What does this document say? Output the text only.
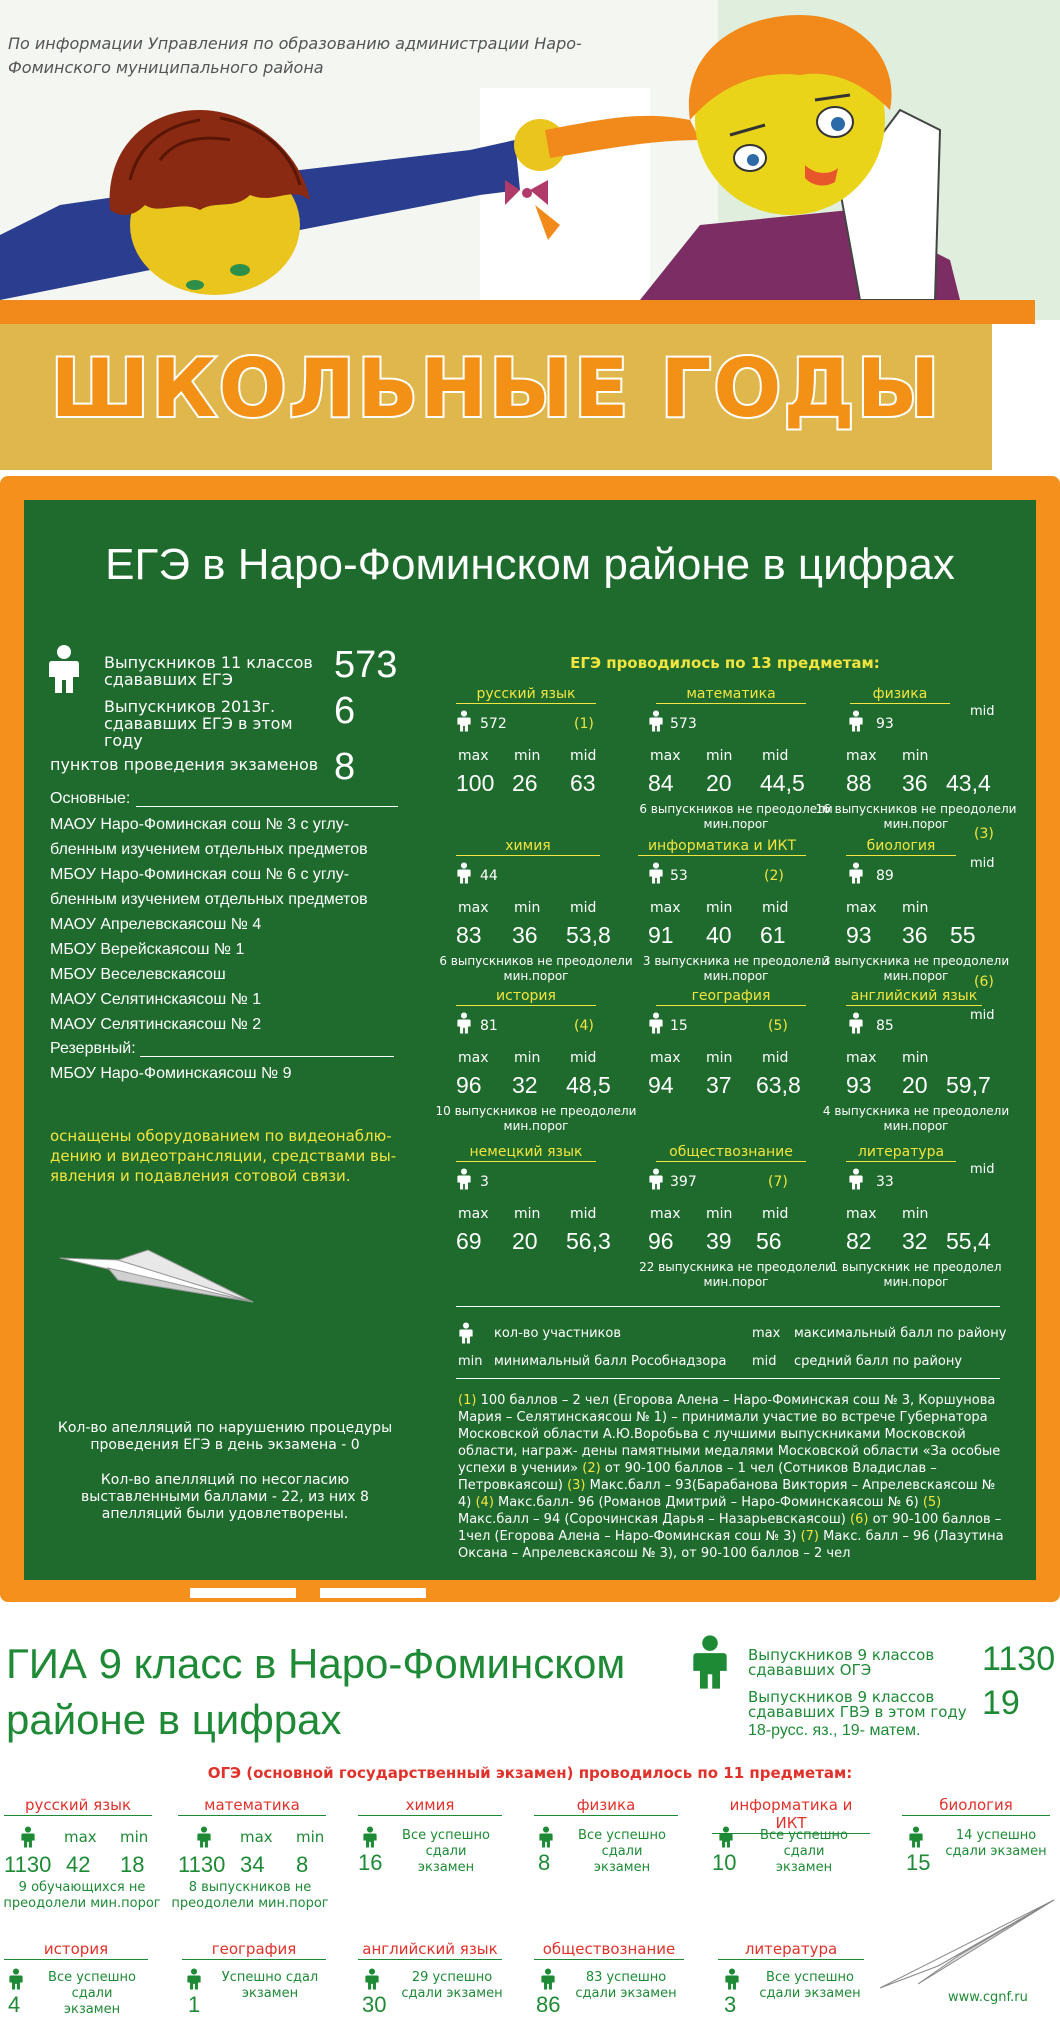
По информации Управления по образованию администрации Наро-Фоминского муниципального района
ШКОЛЬНЫЕ ГОДЫ
ЕГЭ в Наро-Фоминском районе в цифрах
Выпускников 11 классов сдававших ЕГЭ	573
Выпускников 2013г. сдававших ЕГЭ в этом году
6
пунктов проведения экзаменов 8
Основные:
МАОУ Наро-Фоминская сош № 3 с углу-
бленным изучением отдельных предметов
МБОУ Наро-Фоминская сош № 6 с углу-
бленным изучением отдельных предметов
МАОУ Апрелевскаясош № 4
МБОУ Верейскаясош № 1
МБОУ Веселевскаясош
МАОУ Селятинскаясош № 1
МАОУ Селятинскаясош № 2
Резервный:
МБОУ Наро-Фоминскаясош № 9
оснащены оборудованием по видеонаблю- дению и видеотрансляции, средствами вы- явления и подавления сотовой связи.
Кол-во апелляций по нарушению процедуры проведения ЕГЭ в день экзамена - 0
Кол-во апелляций по несогласию выставленными баллами - 22, из них 8 апелляций были удовлетворены.
ЕГЭ проводилось по 13 предметам:
русский язык
572	(1)
max min mid
100 26 63
математика
573
max min mid
84 20 44,5
6 выпускников не преодолели мин.порог
физика
mid
93
max min
88 36 43,4
16 выпускников не преодолели мин.порог
(3)
химия
44
max min mid
83 36 53,8
6 выпускников не преодолели мин.порог
информатика и ИКТ
53	(2)
max min mid
91 40 61
3 выпускника не преодолели мин.порог
биология
mid
89
max min
93 36 55
3 выпускника не преодолели мин.порог	(6)
история
81	(4)
max min mid
96 32 48,5
10 выпускников не преодолели мин.порог
география
15	(5)
max min mid
94 37 63,8
английский язык
mid
85
max min
93 20 59,7
4 выпускника не преодолели мин.порог
немецкий язык
3
max min mid
69 20 56,3
обществознание
397	(7)
max min mid
96 39 56
22 выпускника не преодолели мин.порог
литература
mid
33
max min
82 32 55,4
1 выпускник не преодолел мин.порог
кол-во участников	max максимальный балл по району
min минимальный балл Рособнадзора mid средний балл по району
(1) 100 баллов – 2 чел (Егорова Алена – Наро-Фоминская сош № 3, Коршунова Мария – Селятинскаясош № 1) – принимали участие во встрече Губернатора Московской области А.Ю.Воробьва с лучшими выпускниками Московской области, награж- дены памятными медалями Московской области «За особые успехи в учении» (2) от 90-100 баллов – 1 чел (Сотников Владислав – Петровкаясош) (3) Макс.балл – 93(Барабанова Виктория – Апрелевскаясош № 4) (4) Макс.балл- 96 (Романов Дмитрий – Наро-Фоминскаясош № 6) (5) Макс.балл – 94 (Сорочинская Дарья – Назарьевскаясош) (6) от 90-100 баллов – 1чел (Егорова Алена – Наро-Фоминская сош № 3) (7) Макс. балл – 96 (Лазутина Оксана – Апрелевскаясош № 3), от 90-100 баллов – 2 чел
ГИА 9 класс в Наро-Фоминском районе в цифрах
Выпускников 9 классов сдававших ОГЭ	1130
Выпускников 9 классов сдававших ГВЭ в этом году 19
18-русс. яз., 19- матем.
ОГЭ (основной государственный экзамен) проводилось по 11 предметам:
русский язык
max min
1130 42 18
9 обучающихся не преодолели мин.порог
математика
max min
1130 34 8
8 выпускников не преодолели мин.порог
химия
16
Все успешно сдали экзамен
физика
8
Все успешно сдали экзамен
информатика и ИКТ
10
Все успешно сдали экзамен
биология
15
14 успешно сдали экзамен
история
4
Все успешно сдали экзамен
география
1
Успешно сдал экзамен
английский язык
30
29 успешно сдали экзамен
обществознание
86
83 успешно сдали экзамен
литература
3
Все успешно сдали экзамен	www.cgnf.ru
